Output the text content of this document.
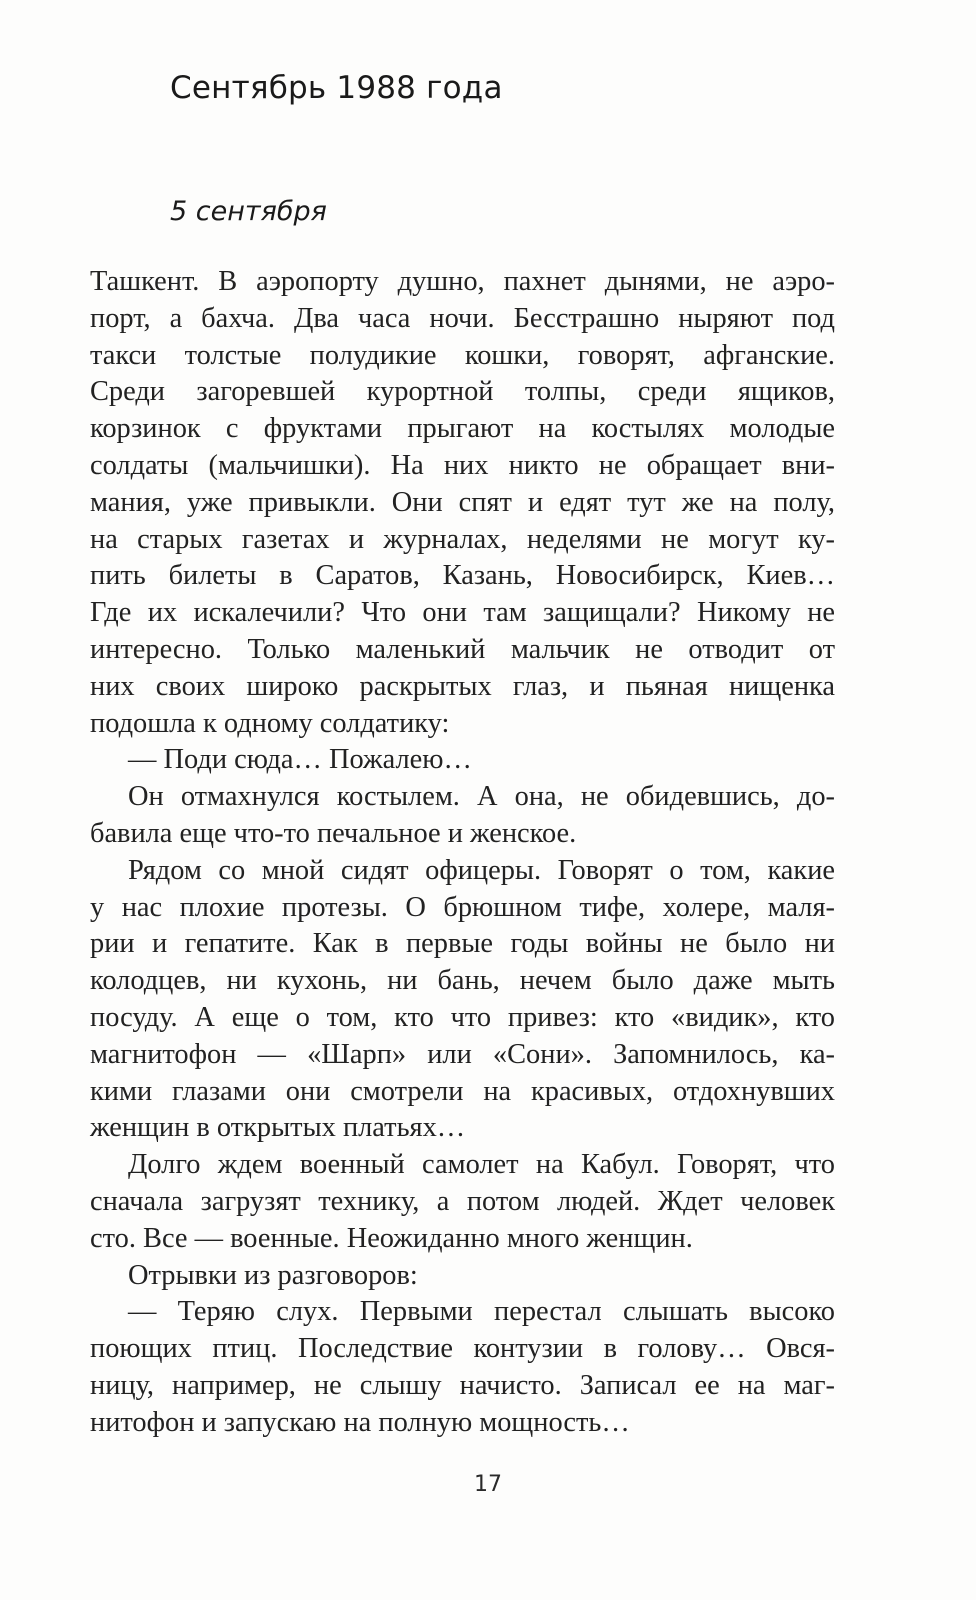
Сентябрь 1988 года
5 сентября
Ташкент. В аэропорту душно, пахнет дынями, не аэро-
порт, а бахча. Два часа ночи. Бесстрашно ныряют под
такси толстые полудикие кошки, говорят, афганские.
Среди загоревшей курортной толпы, среди ящиков,
корзинок с фруктами прыгают на костылях молодые
солдаты (мальчишки). На них никто не обращает вни-
мания, уже привыкли. Они спят и едят тут же на полу,
на старых газетах и журналах, неделями не могут ку-
пить билеты в Саратов, Казань, Новосибирск, Киев…
Где их искалечили? Что они там защищали? Никому не
интересно. Только маленький мальчик не отводит от
них своих широко раскрытых глаз, и пьяная нищенка
подошла к одному солдатику:
— Поди сюда… Пожалею…
Он отмахнулся костылем. А она, не обидевшись, до-
бавила еще что-то печальное и женское.
Рядом со мной сидят офицеры. Говорят о том, какие
у нас плохие протезы. О брюшном тифе, холере, маля-
рии и гепатите. Как в первые годы войны не было ни
колодцев, ни кухонь, ни бань, нечем было даже мыть
посуду. А еще о том, кто что привез: кто «видик», кто
магнитофон — «Шарп» или «Сони». Запомнилось, ка-
кими глазами они смотрели на красивых, отдохнувших
женщин в открытых платьях…
Долго ждем военный самолет на Кабул. Говорят, что
сначала загрузят технику, а потом людей. Ждет человек
сто. Все — военные. Неожиданно много женщин.
Отрывки из разговоров:
— Теряю слух. Первыми перестал слышать высоко
поющих птиц. Последствие контузии в голову… Овся-
ницу, например, не слышу начисто. Записал ее на маг-
нитофон и запускаю на полную мощность…
17
